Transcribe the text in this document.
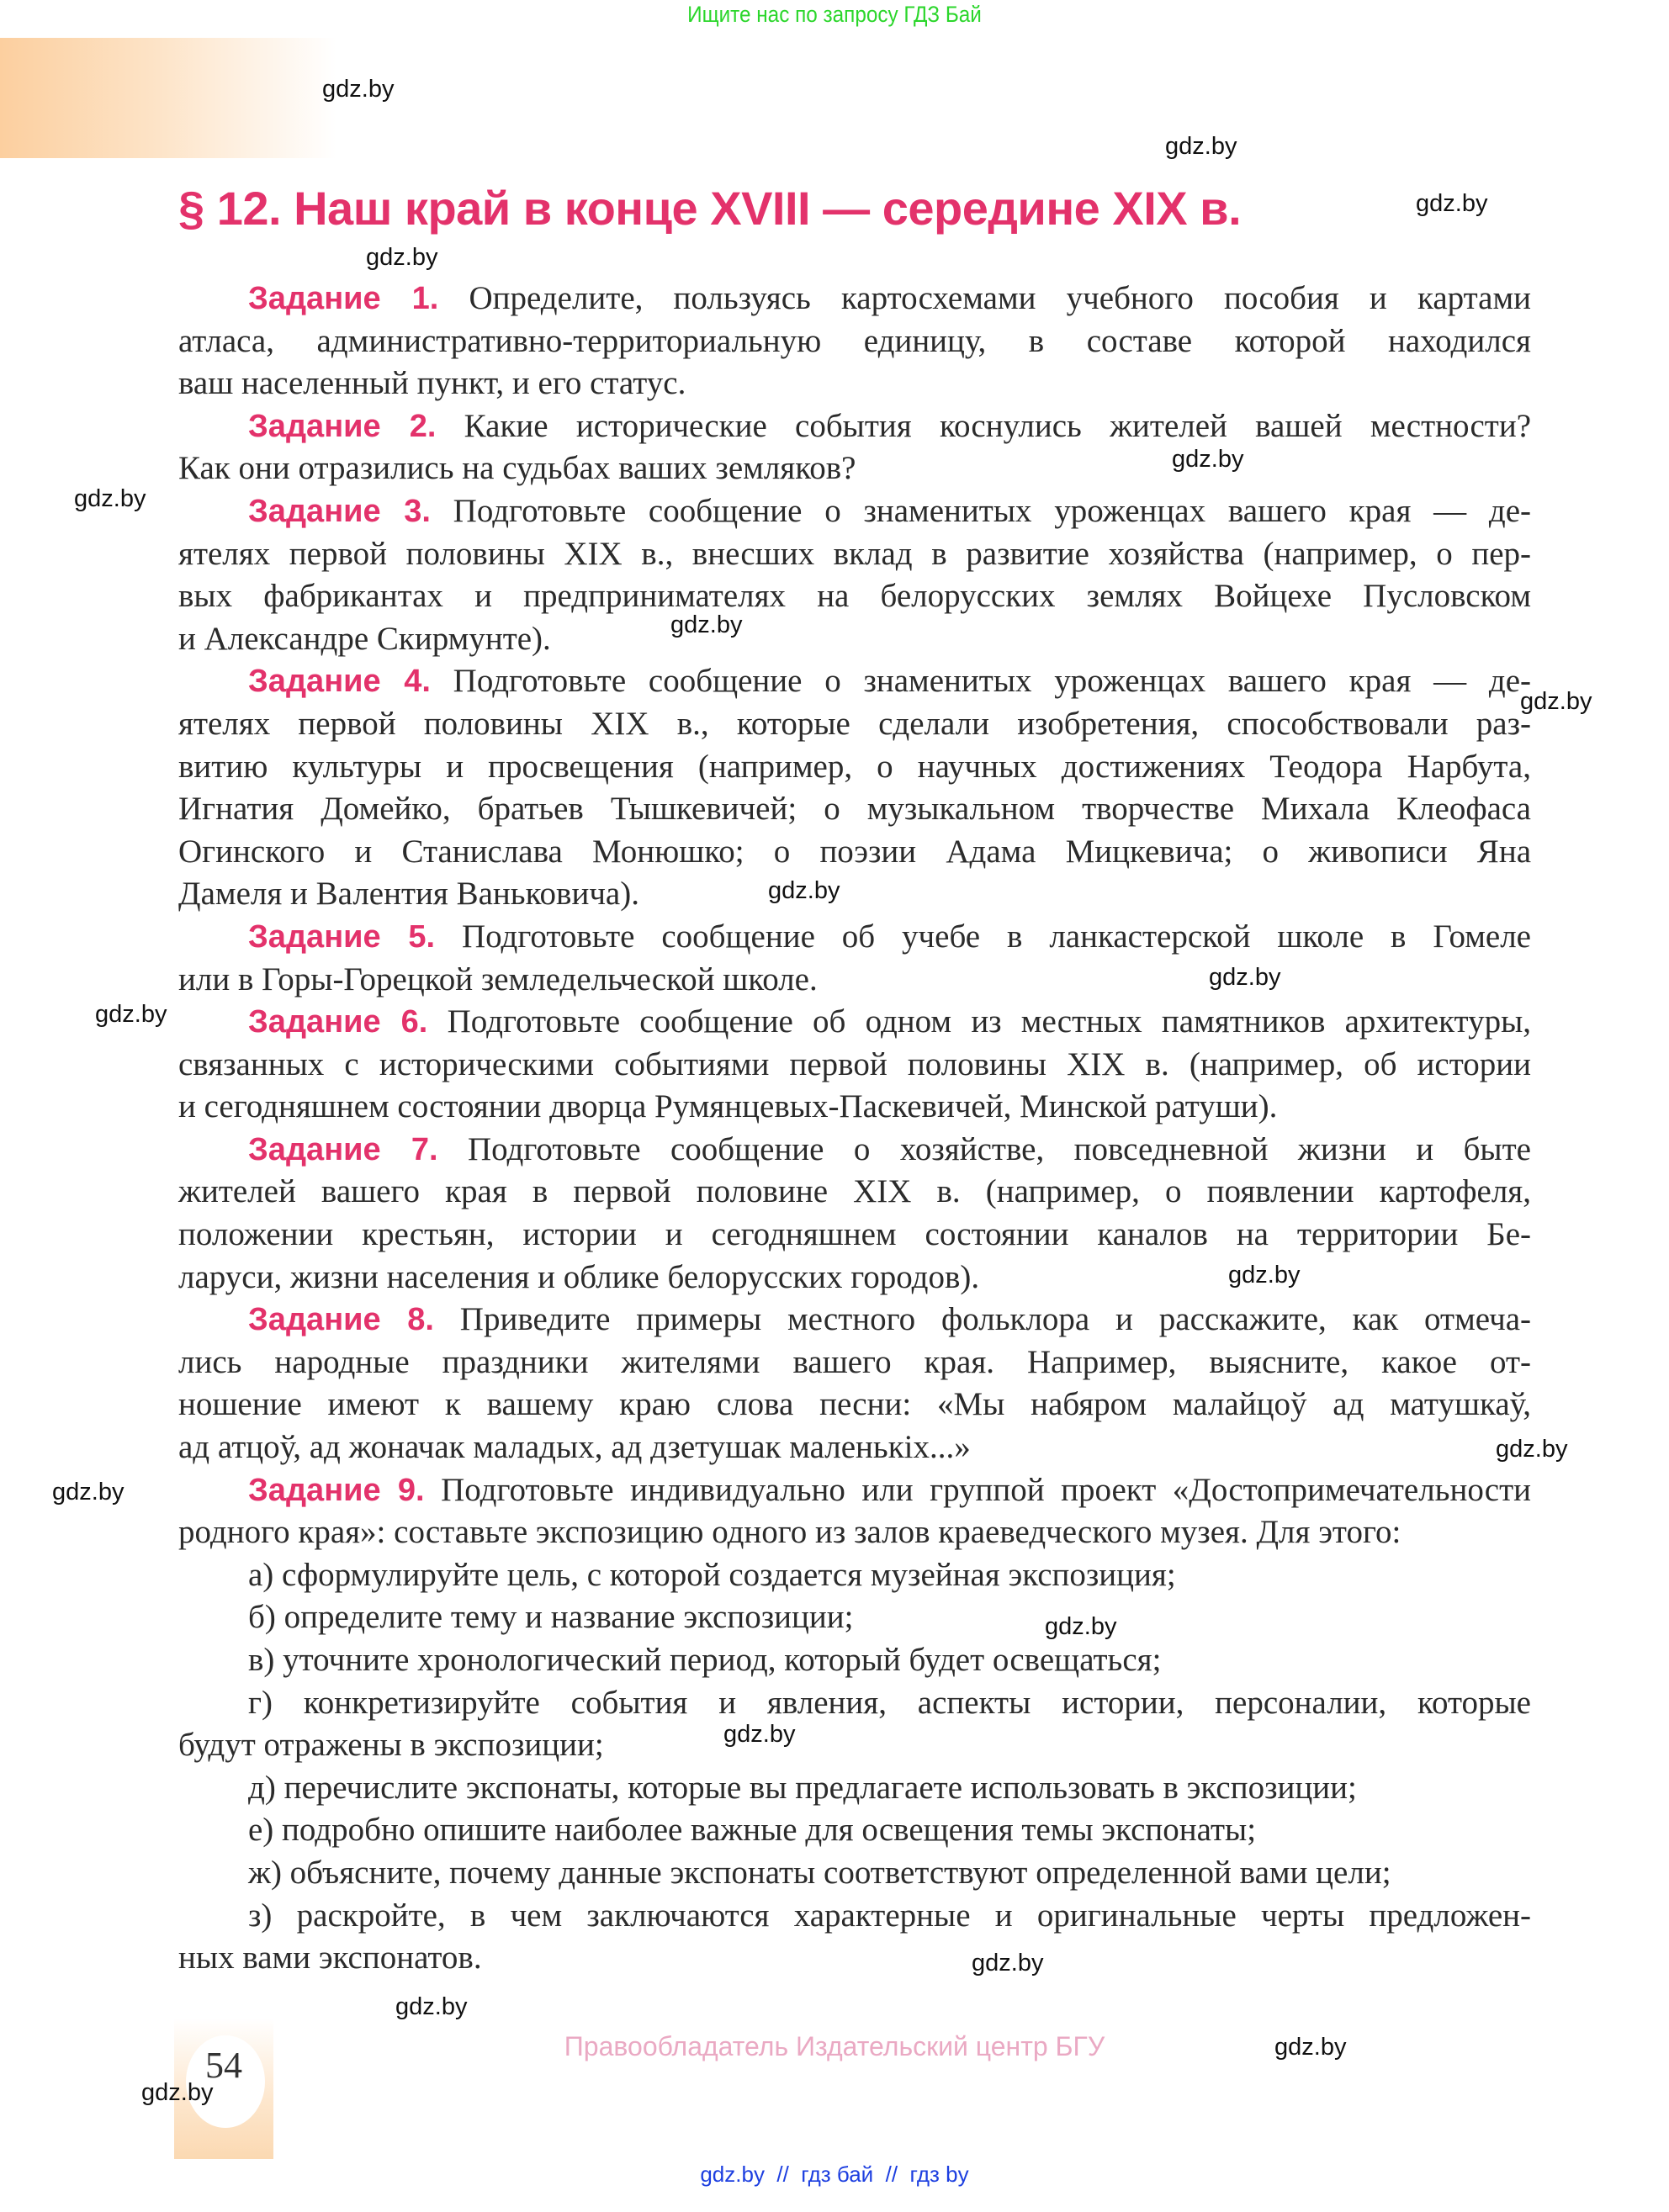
Ищите нас по запросу ГДЗ Бай
§ 12. Наш край в конце XVIII — середине XIX в.
Задание 1. Определите, пользуясь картосхемами учебного пособия и картами
атласа, административно-территориальную единицу, в составе которой находился
ваш населенный пункт, и его статус.
Задание 2. Какие исторические события коснулись жителей вашей местности?
Как они отразились на судьбах ваших земляков?
Задание 3. Подготовьте сообщение о знаменитых уроженцах вашего края — де-
ятелях первой половины XIX в., внесших вклад в развитие хозяйства (например, о пер-
вых фабрикантах и предпринимателях на белорусских землях Войцехе Пусловском
и Александре Скирмунте).
Задание 4. Подготовьте сообщение о знаменитых уроженцах вашего края — де-
ятелях первой половины XIX в., которые сделали изобретения, способствовали раз-
витию культуры и просвещения (например, о научных достижениях Теодора Нарбута,
Игнатия Домейко, братьев Тышкевичей; о музыкальном творчестве Михала Клеофаса
Огинского и Станислава Монюшко; о поэзии Адама Мицкевича; о живописи Яна
Дамеля и Валентия Ваньковича).
Задание 5. Подготовьте сообщение об учебе в ланкастерской школе в Гомеле
или в Горы-Горецкой земледельческой школе.
Задание 6. Подготовьте сообщение об одном из местных памятников архитектуры,
связанных с историческими событиями первой половины XIX в. (например, об истории
и сегодняшнем состоянии дворца Румянцевых-Паскевичей, Минской ратуши).
Задание 7. Подготовьте сообщение о хозяйстве, повседневной жизни и быте
жителей вашего края в первой половине XIX в. (например, о появлении картофеля,
положении крестьян, истории и сегодняшнем состоянии каналов на территории Бе-
ларуси, жизни населения и облике белорусских городов).
Задание 8. Приведите примеры местного фольклора и расскажите, как отмеча-
лись народные праздники жителями вашего края. Например, выясните, какое от-
ношение имеют к вашему краю слова песни: «Мы набяром малайцоў ад матушкаў,
ад атцоў, ад жоначак маладых, ад дзетушак маленькіх...»
Задание 9. Подготовьте индивидуально или группой проект «Достопримечательности
родного края»: составьте экспозицию одного из залов краеведческого музея. Для этого:
а) сформулируйте цель, с которой создается музейная экспозиция;
б) определите тему и название экспозиции;
в) уточните хронологический период, который будет освещаться;
г) конкретизируйте события и явления, аспекты истории, персоналии, которые
будут отражены в экспозиции;
д) перечислите экспонаты, которые вы предлагаете использовать в экспозиции;
е) подробно опишите наиболее важные для освещения темы экспонаты;
ж) объясните, почему данные экспонаты соответствуют определенной вами цели;
з) раскройте, в чем заключаются характерные и оригинальные черты предложен-
ных вами экспонатов.
54	Правообладатель Издательский центр БГУ
gdz.by  //  гдз бай  //  гдз by
gdz.by
gdz.by
gdz.by
gdz.by
gdz.by
gdz.by
gdz.by
gdz.by
gdz.by
gdz.by
gdz.by
gdz.by
gdz.by
gdz.by
gdz.by
gdz.by
gdz.by
gdz.by
gdz.by
gdz.by
